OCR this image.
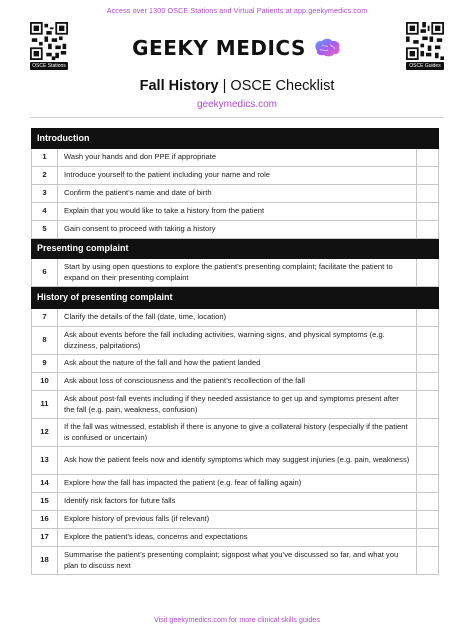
Access over 1300 OSCE Stations and Virtual Patients at app.geekymedics.com
OSCE Stations	OSCE Guides
GEEKY MEDICS
Fall History | OSCE Checklist
geekymedics.com
Introduction		
1	Wash your hands and don PPE if appropriate	
2	Introduce yourself to the patient including your name and role	
3	Confirm the patient’s name and date of birth	
4	Explain that you would like to take a history from the patient	
5	Gain consent to proceed with taking a history	
Presenting complaint		
6	Start by using open questions to explore the patient’s presenting complaint; facilitate the patient to expand on their presenting complaint	
History of presenting complaint		
7	Clarify the details of the fall (date, time, location)	
8	Ask about events before the fall including activities, warning signs, and physical symptoms (e.g. dizziness, palpitations)	
9	Ask about the nature of the fall and how the patient landed	
10	Ask about loss of consciousness and the patient’s recollection of the fall	
11	Ask about post-fall events including if they needed assistance to get up and symptoms present after the fall (e.g. pain, weakness, confusion)	
12	If the fall was witnessed, establish if there is anyone to give a collateral history (especially if the patient is confused or uncertain)	
13	Ask how the patient feels now and identify symptoms which may suggest injuries (e.g. pain, weakness)	
14	Explore how the fall has impacted the patient (e.g. fear of falling again)	
15	Identify risk factors for future falls	
16	Explore history of previous falls (if relevant)	
17	Explore the patient’s ideas, concerns and expectations	
18	Summarise the patient’s presenting complaint; signpost what you’ve discussed so far, and what you plan to discuss next	
Visit geekymedics.com for more clinical skills guides
